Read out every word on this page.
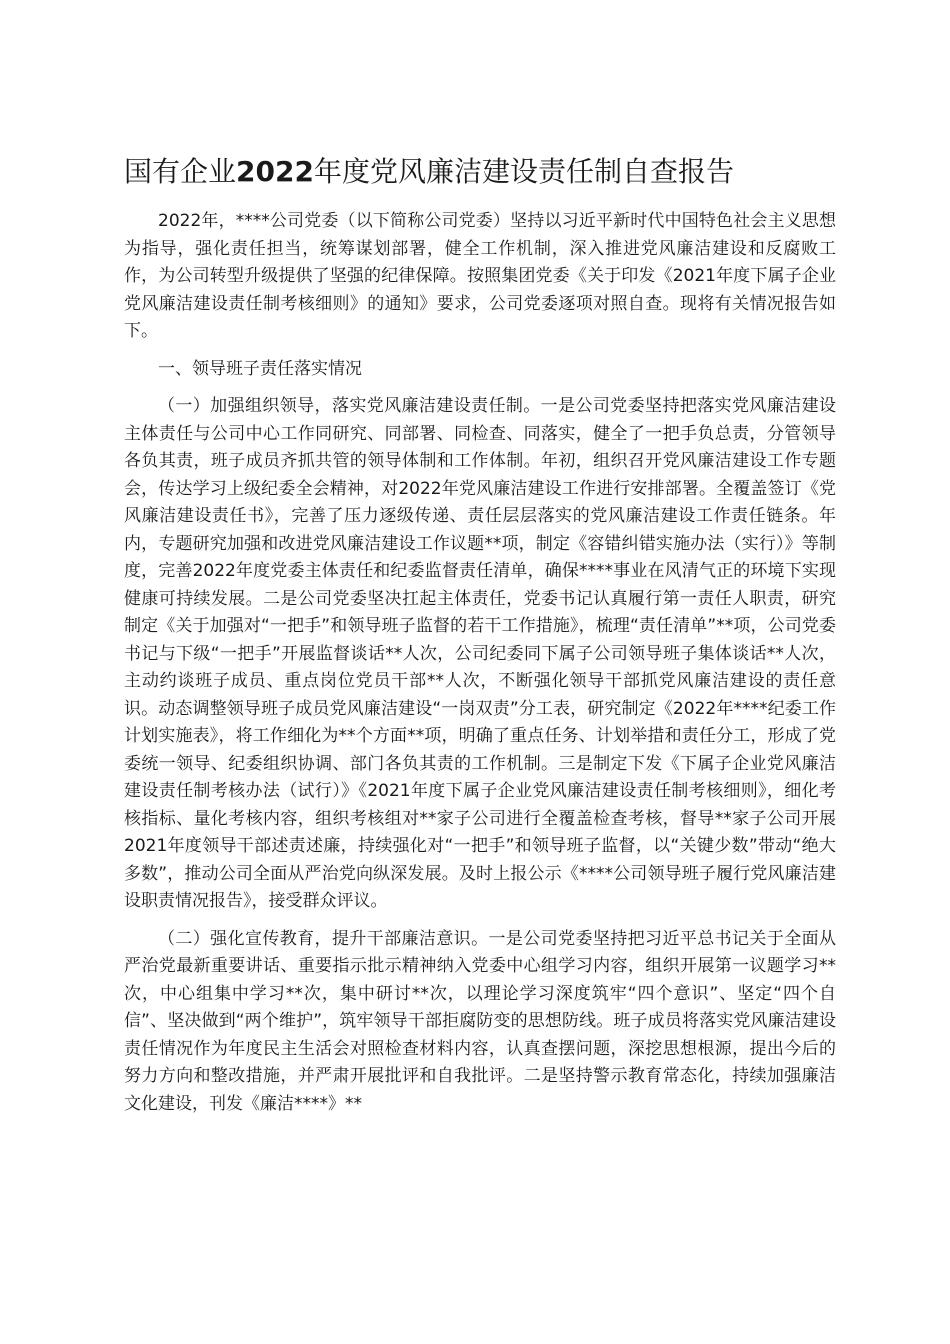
国有企业2022年度党风廉洁建设责任制自查报告

2022年，****公司党委（以下简称公司党委）坚持以习近平新时代中国特色社会主义思想为指导，强化责任担当，统筹谋划部署，健全工作机制，深入推进党风廉洁建设和反腐败工作，为公司转型升级提供了坚强的纪律保障。按照集团党委《关于印发《2021年度下属子企业党风廉洁建设责任制考核细则》的通知》要求，公司党委逐项对照自查。现将有关情况报告如下。

一、领导班子责任落实情况

（一）加强组织领导，落实党风廉洁建设责任制。一是公司党委坚持把落实党风廉洁建设主体责任与公司中心工作同研究、同部署、同检查、同落实，健全了一把手负总责，分管领导各负其责，班子成员齐抓共管的领导体制和工作体制。年初，组织召开党风廉洁建设工作专题会，传达学习上级纪委全会精神，对2022年党风廉洁建设工作进行安排部署。全覆盖签订《党风廉洁建设责任书》，完善了压力逐级传递、责任层层落实的党风廉洁建设工作责任链条。年内，专题研究加强和改进党风廉洁建设工作议题**项，制定《容错纠错实施办法（实行）》等制度，完善2022年度党委主体责任和纪委监督责任清单，确保****事业在风清气正的环境下实现健康可持续发展。二是公司党委坚决扛起主体责任，党委书记认真履行第一责任人职责，研究制定《关于加强对“一把手”和领导班子监督的若干工作措施》，梳理“责任清单”**项，公司党委书记与下级“一把手”开展监督谈话**人次，公司纪委同下属子公司领导班子集体谈话**人次，主动约谈班子成员、重点岗位党员干部**人次，不断强化领导干部抓党风廉洁建设的责任意识。动态调整领导班子成员党风廉洁建设“一岗双责”分工表，研究制定《2022年****纪委工作计划实施表》，将工作细化为**个方面**项，明确了重点任务、计划举措和责任分工，形成了党委统一领导、纪委组织协调、部门各负其责的工作机制。三是制定下发《下属子企业党风廉洁建设责任制考核办法（试行）》《2021年度下属子企业党风廉洁建设责任制考核细则》，细化考核指标、量化考核内容，组织考核组对**家子公司进行全覆盖检查考核，督导**家子公司开展2021年度领导干部述责述廉，持续强化对“一把手”和领导班子监督，以“关键少数”带动“绝大多数”，推动公司全面从严治党向纵深发展。及时上报公示《****公司领导班子履行党风廉洁建设职责情况报告》，接受群众评议。

（二）强化宣传教育，提升干部廉洁意识。一是公司党委坚持把习近平总书记关于全面从严治党最新重要讲话、重要指示批示精神纳入党委中心组学习内容，组织开展第一议题学习**次，中心组集中学习**次，集中研讨**次，以理论学习深度筑牢“四个意识”、坚定“四个自信”、坚决做到“两个维护”，筑牢领导干部拒腐防变的思想防线。班子成员将落实党风廉洁建设责任情况作为年度民主生活会对照检查材料内容，认真查摆问题，深挖思想根源，提出今后的努力方向和整改措施，并严肃开展批评和自我批评。二是坚持警示教育常态化，持续加强廉洁文化建设，刊发《廉洁****》**
